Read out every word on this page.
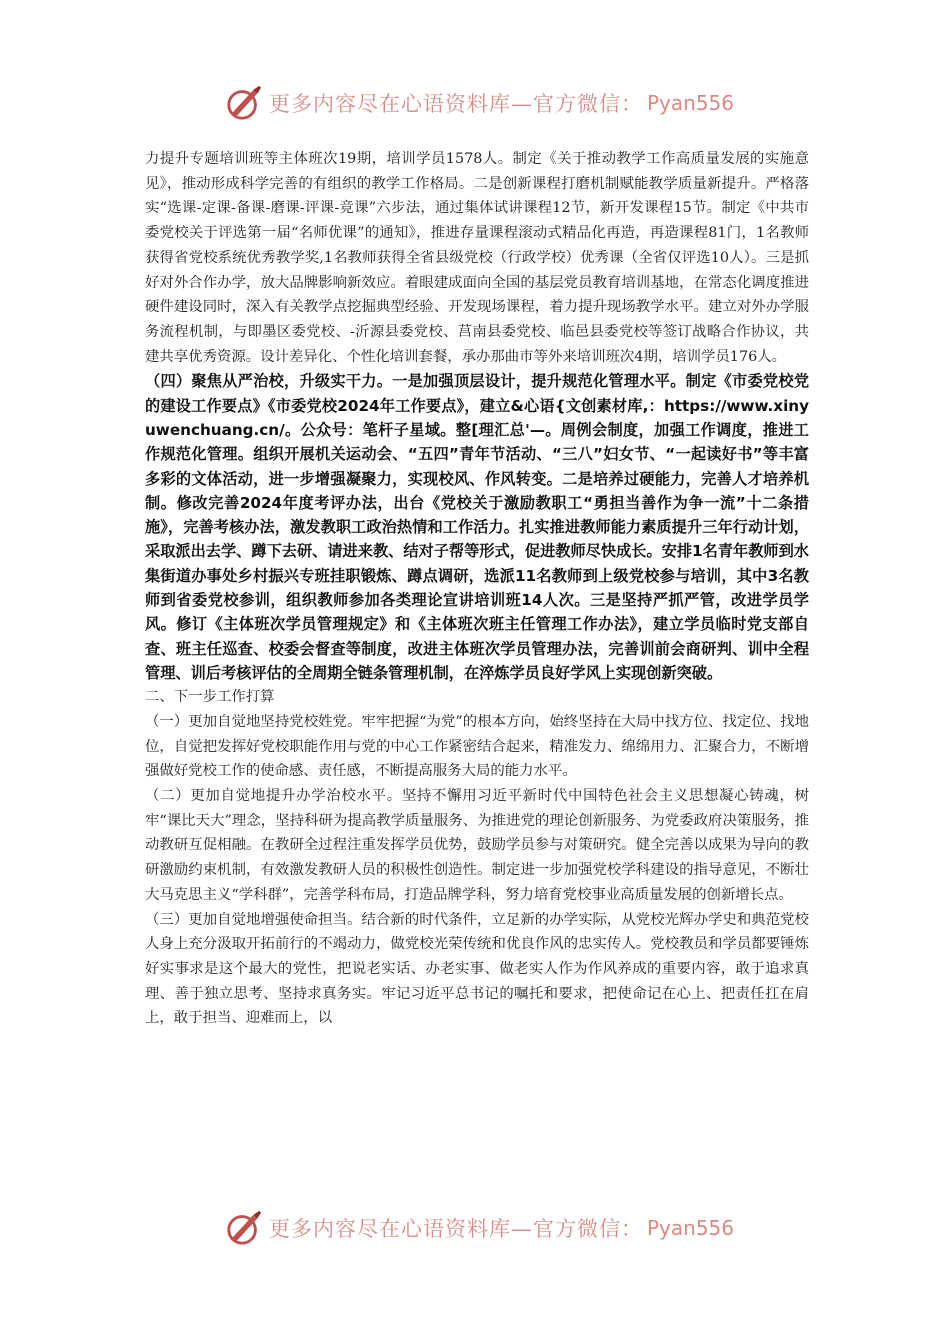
更多内容尽在心语资料库—官方微信： Pyan556

力提升专题培训班等主体班次19期，培训学员1578人。制定《关于推动教学工作高质量发展的实施意见》，推动形成科学完善的有组织的教学工作格局。二是创新课程打磨机制赋能教学质量新提升。严格落实“选课-定课-备课-磨课-评课-竞课”六步法，通过集体试讲课程12节，新开发课程15节。制定《中共市委党校关于评选第一届“名师优课”的通知》，推进存量课程滚动式精品化再造，再造课程81门，1名教师获得省党校系统优秀教学奖,1名教师获得全省县级党校（行政学校）优秀课（全省仅评选10人）。三是抓好对外合作办学，放大品牌影响新效应。着眼建成面向全国的基层党员教育培训基地，在常态化调度推进硬件建设同时，深入有关教学点挖掘典型经验、开发现场课程，着力提升现场教学水平。建立对外办学服务流程机制，与即墨区委党校、-沂源县委党校、莒南县委党校、临邑县委党校等签订战略合作协议，共建共享优秀资源。设计差异化、个性化培训套餐，承办那曲市等外来培训班次4期，培训学员176人。

（四）聚焦从严治校，升级实干力。一是加强顶层设计，提升规范化管理水平。制定《市委党校党的建设工作要点》《市委党校2024年工作要点》，建立&心语{文创素材库,：https://www.xinyuwenchuang.cn/。公众号：笔杆子星域。整[理汇总'—。周例会制度，加强工作调度，推进工作规范化管理。组织开展机关运动会、“五四”青年节活动、“三八”妇女节、“一起读好书”等丰富多彩的文体活动，进一步增强凝聚力，实现校风、作风转变。二是培养过硬能力，完善人才培养机制。修改完善2024年度考评办法，出台《党校关于激励教职工“勇担当善作为争一流”十二条措施》，完善考核办法，激发教职工政治热情和工作活力。扎实推进教师能力素质提升三年行动计划，采取派出去学、蹲下去研、请进来教、结对子帮等形式，促进教师尽快成长。安排1名青年教师到水集街道办事处乡村振兴专班挂职锻炼、蹲点调研，选派11名教师到上级党校参与培训，其中3名教师到省委党校参训，组织教师参加各类理论宣讲培训班14人次。三是坚持严抓严管，改进学员学风。修订《主体班次学员管理规定》和《主体班次班主任管理工作办法》，建立学员临时党支部自查、班主任巡查、校委会督查等制度，改进主体班次学员管理办法，完善训前会商研判、训中全程管理、训后考核评估的全周期全链条管理机制，在淬炼学员良好学风上实现创新突破。

二、下一步工作打算

（一）更加自觉地坚持党校姓党。牢牢把握“为党”的根本方向，始终坚持在大局中找方位、找定位、找地位，自觉把发挥好党校职能作用与党的中心工作紧密结合起来，精准发力、绵绵用力、汇聚合力，不断增强做好党校工作的使命感、责任感，不断提高服务大局的能力水平。

（二）更加自觉地提升办学治校水平。坚持不懈用习近平新时代中国特色社会主义思想凝心铸魂，树牢“课比天大”理念，坚持科研为提高教学质量服务、为推进党的理论创新服务、为党委政府决策服务，推动教研互促相融。在教研全过程注重发挥学员优势，鼓励学员参与对策研究。健全完善以成果为导向的教研激励约束机制，有效激发教研人员的积极性创造性。制定进一步加强党校学科建设的指导意见，不断壮大马克思主义“学科群”，完善学科布局，打造品牌学科，努力培育党校事业高质量发展的创新增长点。

（三）更加自觉地增强使命担当。结合新的时代条件，立足新的办学实际，从党校光辉办学史和典范党校人身上充分汲取开拓前行的不竭动力，做党校光荣传统和优良作风的忠实传人。党校教员和学员都要锤炼好实事求是这个最大的党性，把说老实话、办老实事、做老实人作为作风养成的重要内容，敢于追求真理、善于独立思考、坚持求真务实。牢记习近平总书记的嘱托和要求，把使命记在心上、把责任扛在肩上，敢于担当、迎难而上，以

更多内容尽在心语资料库—官方微信： Pyan556
